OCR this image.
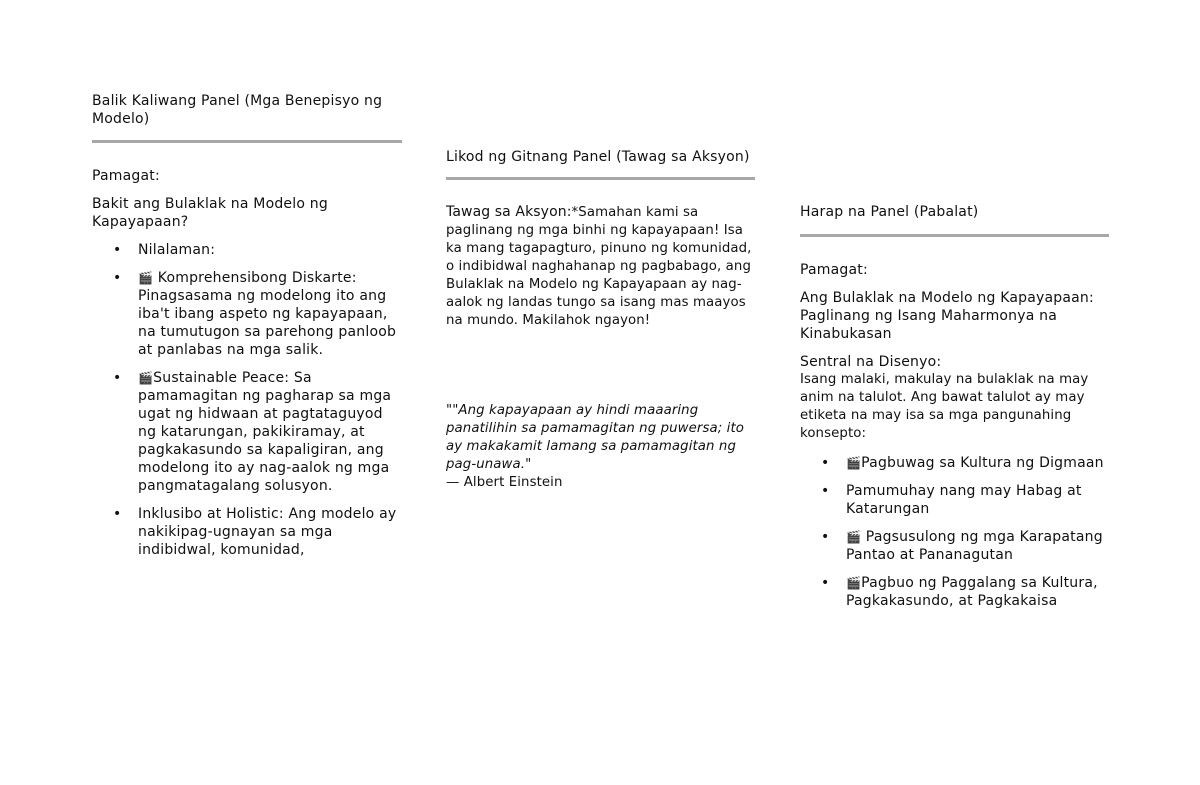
Balik Kaliwang Panel (Mga Benepisyo ng Modelo)

Pamagat:

Bakit ang Bulaklak na Modelo ng Kapayapaan?

• Nilalaman:
• 🎬 Komprehensibong Diskarte: Pinagsasama ng modelong ito ang iba't ibang aspeto ng kapayapaan, na tumutugon sa parehong panloob at panlabas na mga salik.
• 🎬Sustainable Peace: Sa pamamagitan ng pagharap sa mga ugat ng hidwaan at pagtataguyod ng katarungan, pakikiramay, at pagkakasundo sa kapaligiran, ang modelong ito ay nag-aalok ng mga pangmatagalang solusyon.
• Inklusibo at Holistic: Ang modelo ay nakikipag-ugnayan sa mga indibidwal, komunidad,
Likod ng Gitnang Panel (Tawag sa Aksyon)

Tawag sa Aksyon:*Samahan kami sa paglinang ng mga binhi ng kapayapaan! Isa ka mang tagapagturo, pinuno ng komunidad, o indibidwal naghahanap ng pagbabago, ang Bulaklak na Modelo ng Kapayapaan ay nag-aalok ng landas tungo sa isang mas maayos na mundo. Makilahok ngayon!

""Ang kapayapaan ay hindi maaaring panatilihin sa pamamagitan ng puwersa; ito ay makakamit lamang sa pamamagitan ng pag-unawa."

— Albert Einstein

Harap na Panel (Pabalat)

Pamagat:

Ang Bulaklak na Modelo ng Kapayapaan: Paglinang ng Isang Maharmonya na Kinabukasan

Sentral na Disenyo:

Isang malaki, makulay na bulaklak na may anim na talulot. Ang bawat talulot ay may etiketa na may isa sa mga pangunahing konsepto:

• 🎬Pagbuwag sa Kultura ng Digmaan
• Pamumuhay nang may Habag at Katarungan
• 🎬 Pagsusulong ng mga Karapatang     Pantao at Pananagutan
• 🎬Pagbuo ng Paggalang sa Kultura, Pagkakasundo, at Pagkakaisa
